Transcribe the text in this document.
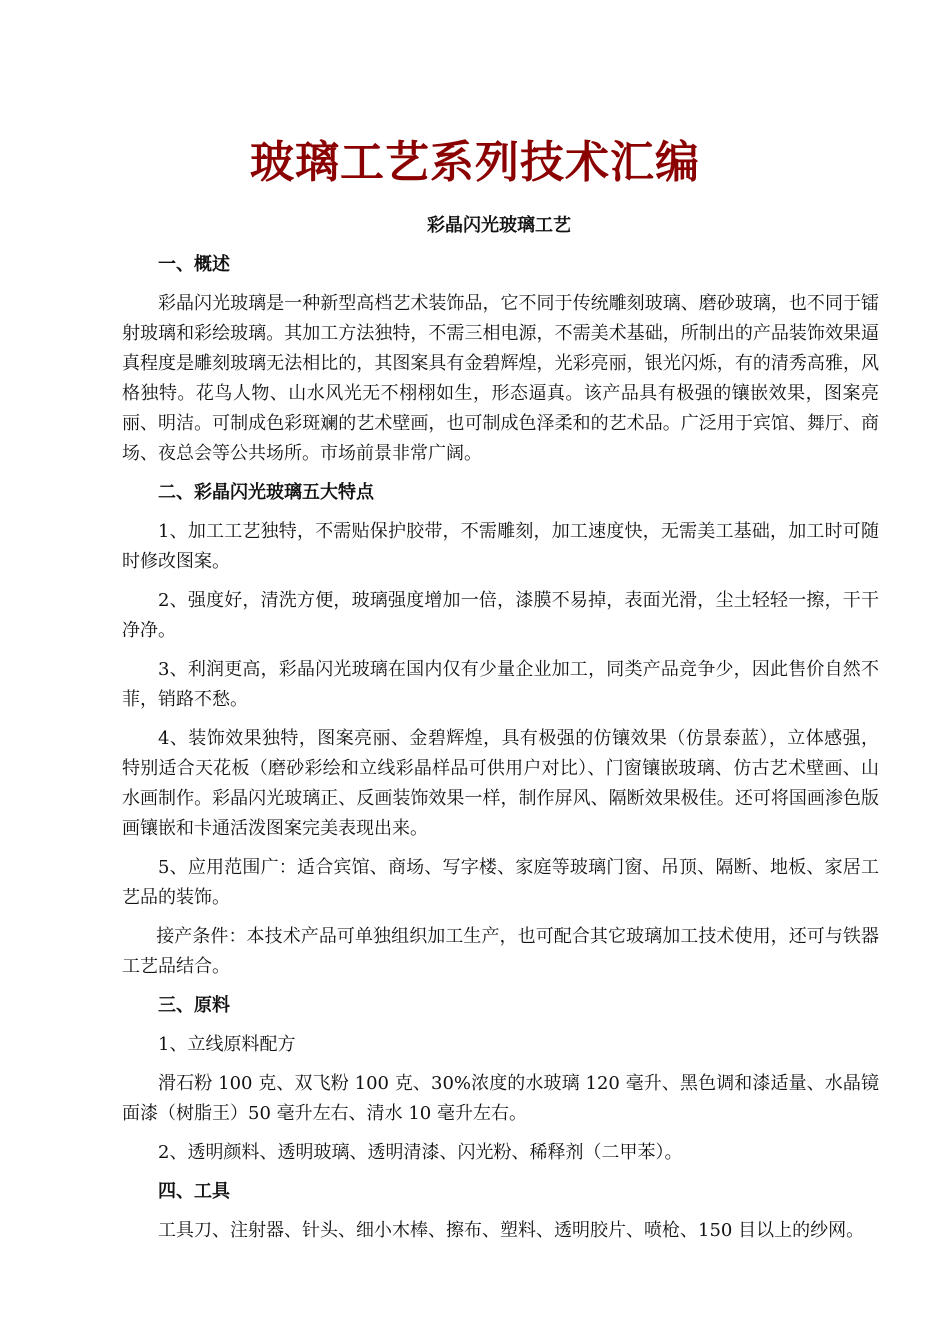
玻璃工艺系列技术汇编
彩晶闪光玻璃工艺
一、概述

彩晶闪光玻璃是一种新型高档艺术装饰品，它不同于传统雕刻玻璃、磨砂玻璃，也不同于镭射玻璃和彩绘玻璃。其加工方法独特，不需三相电源，不需美术基础，所制出的产品装饰效果逼真程度是雕刻玻璃无法相比的，其图案具有金碧辉煌，光彩亮丽，银光闪烁，有的清秀高雅，风格独特。花鸟人物、山水风光无不栩栩如生，形态逼真。该产品具有极强的镶嵌效果，图案亮丽、明洁。可制成色彩斑斓的艺术壁画，也可制成色泽柔和的艺术品。广泛用于宾馆、舞厅、商场、夜总会等公共场所。市场前景非常广阔。

二、彩晶闪光玻璃五大特点

1、加工工艺独特，不需贴保护胶带，不需雕刻，加工速度快，无需美工基础，加工时可随时修改图案。

2、强度好，清洗方便，玻璃强度增加一倍，漆膜不易掉，表面光滑，尘土轻轻一擦，干干净净。

3、利润更高，彩晶闪光玻璃在国内仅有少量企业加工，同类产品竞争少，因此售价自然不菲，销路不愁。

4、装饰效果独特，图案亮丽、金碧辉煌，具有极强的仿镶效果（仿景泰蓝），立体感强，特别适合天花板（磨砂彩绘和立线彩晶样品可供用户对比）、门窗镶嵌玻璃、仿古艺术壁画、山水画制作。彩晶闪光玻璃正、反画装饰效果一样，制作屏风、隔断效果极佳。还可将国画渗色版画镶嵌和卡通活泼图案完美表现出来。

5、应用范围广：适合宾馆、商场、写字楼、家庭等玻璃门窗、吊顶、隔断、地板、家居工艺品的装饰。

接产条件：本技术产品可单独组织加工生产，也可配合其它玻璃加工技术使用，还可与铁器工艺品结合。

三、原料

1、立线原料配方

滑石粉 100 克、双飞粉 100 克、30%浓度的水玻璃 120 毫升、黑色调和漆适量、水晶镜面漆（树脂王）50 毫升左右、清水 10 毫升左右。

2、透明颜料、透明玻璃、透明清漆、闪光粉、稀释剂（二甲苯）。

四、工具

工具刀、注射器、针头、细小木棒、擦布、塑料、透明胶片、喷枪、150 目以上的纱网。
